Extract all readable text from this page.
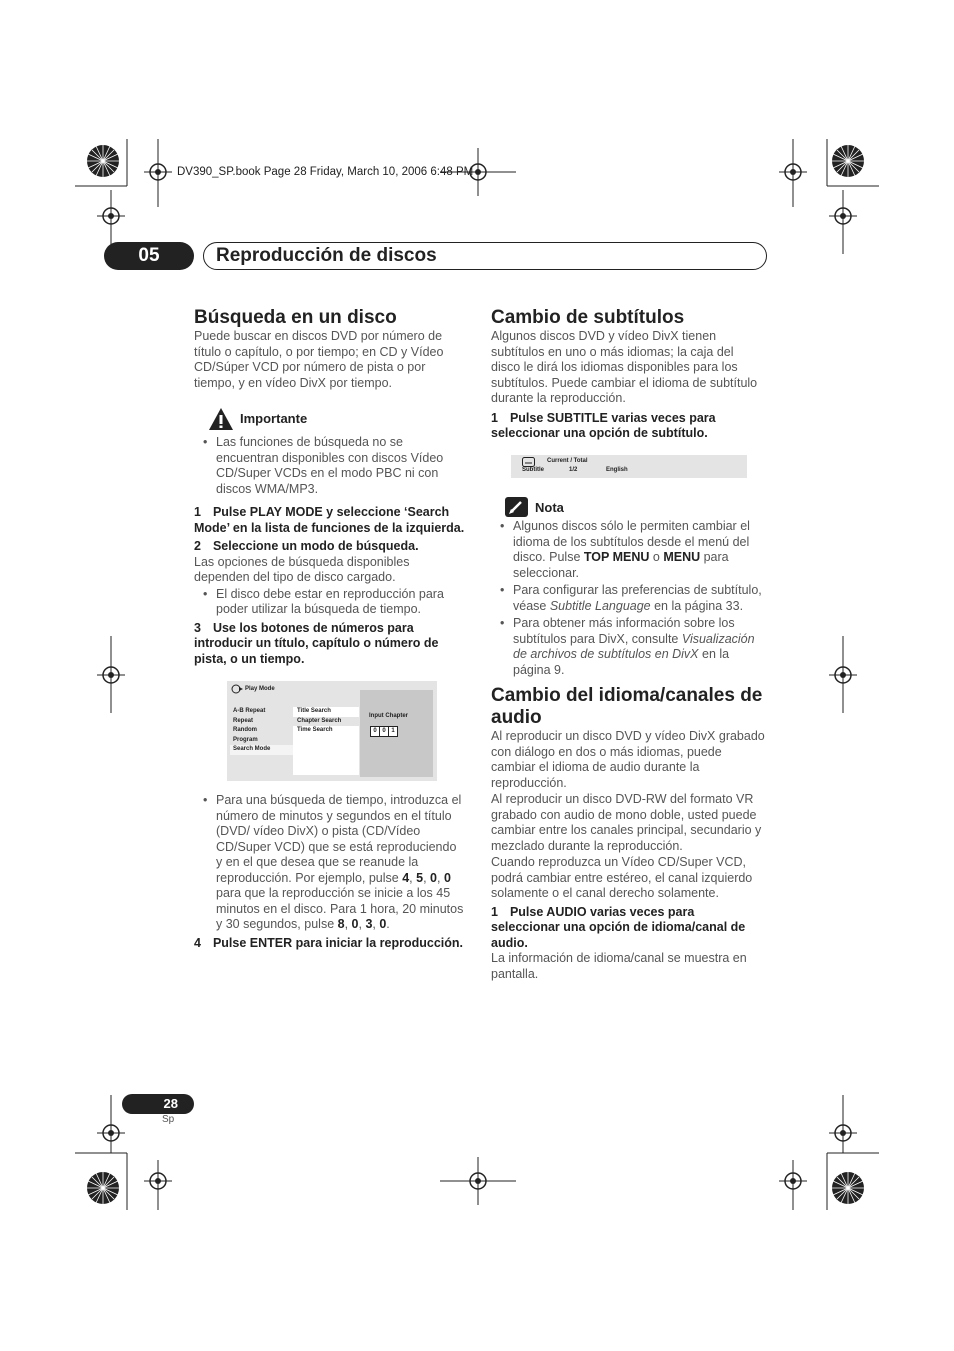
DV390_SP.book Page 28 Friday, March 10, 2006 6:48 PM
05	Reproducción de discos
Búsqueda en un disco

Puede buscar en discos DVD por número de título o capítulo, o por tiempo; en CD y Vídeo CD/Súper VCD por número de pista o por tiempo, y en vídeo DivX por tiempo.

Importante
• Las funciones de búsqueda no se encuentran disponibles con discos Vídeo CD/Super VCDs en el modo PBC ni con discos WMA/MP3.

1 Pulse PLAY MODE y seleccione ‘Search Mode’ en la lista de funciones de la izquierda.

2 Seleccione un modo de búsqueda.

Las opciones de búsqueda disponibles dependen del tipo de disco cargado.

• El disco debe estar en reproducción para poder utilizar la búsqueda de tiempo.

3 Use los botones de números para introducir un título, capítulo o número de pista, o un tiempo.

Play Mode
A-B Repeat
Repeat
Random
Program
Search Mode
Title Search
Chapter Search
Time Search
Input Chapter
0 0 1
• Para una búsqueda de tiempo, introduzca el número de minutos y segundos en el título (DVD/ vídeo DivX) o pista (CD/Vídeo CD/Super VCD) que se está reproduciendo y en el que desea que se reanude la reproducción. Por ejemplo, pulse 4, 5, 0, 0 para que la reproducción se inicie a los 45 minutos en el disco. Para 1 hora, 20 minutos y 30 segundos, pulse 8, 0, 3, 0.

4 Pulse ENTER para iniciar la reproducción.

Cambio de subtítulos

Algunos discos DVD y vídeo DivX tienen subtítulos en uno o más idiomas; la caja del disco le dirá los idiomas disponibles para los subtítulos. Puede cambiar el idioma de subtítulo durante la reproducción.

1 Pulse SUBTITLE varias veces para seleccionar una opción de subtítulo.

Current / Total
Subtitle	1/2	English
Nota
• Algunos discos sólo le permiten cambiar el idioma de los subtítulos desde el menú del disco. Pulse TOP MENU o MENU para seleccionar.
• Para configurar las preferencias de subtítulo, véase Subtitle Language en la página 33.
• Para obtener más información sobre los subtítulos para DivX, consulte Visualización de archivos de subtítulos en DivX en la página 9.
Cambio del idioma/canales de audio

Al reproducir un disco DVD y vídeo DivX grabado con diálogo en dos o más idiomas, puede cambiar el idioma de audio durante la reproducción.

Al reproducir un disco DVD-RW del formato VR grabado con audio de mono doble, usted puede cambiar entre los canales principal, secundario y mezclado durante la reproducción.

Cuando reproduzca un Vídeo CD/Super VCD, podrá cambiar entre estéreo, el canal izquierdo solamente o el canal derecho solamente.

1 Pulse AUDIO varias veces para seleccionar una opción de idioma/canal de audio.

La información de idioma/canal se muestra en pantalla.

28
Sp
